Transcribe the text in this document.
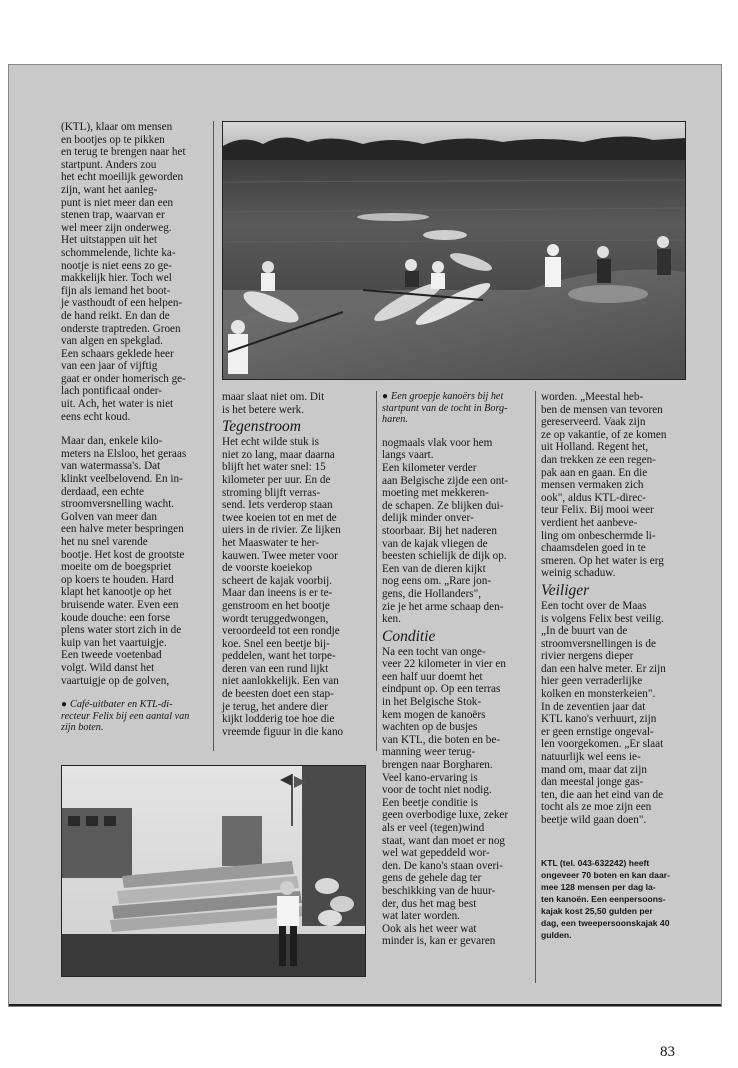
(KTL), klaar om mensen
en bootjes op te pikken
en terug te brengen naar het
startpunt. Anders zou
het echt moeilijk geworden
zijn, want het aanleg-
punt is niet meer dan een
stenen trap, waarvan er
wel meer zijn onderweg.
Het uitstappen uit het
schommelende, lichte ka-
nootje is niet eens zo ge-
makkelijk hier. Toch wel
fijn als iemand het boot-
je vasthoudt of een helpen-
de hand reikt. En dan de
onderste traptreden. Groen
van algen en spekglad.
Een schaars geklede heer
van een jaar of vijftig
gaat er onder homerisch ge-
lach pontificaal onder-
uit. Ach, het water is niet
eens echt koud.

Maar dan, enkele kilo-
meters na Elsloo, het geraas
van watermassa's. Dat
klinkt veelbelovend. En in-
derdaad, een echte
stroomversnelling wacht.
Golven van meer dan
een halve meter bespringen
het nu snel varende
bootje. Het kost de grootste
moeite om de boegspriet
op koers te houden. Hard
klapt het kanootje op het
bruisende water. Even een
koude douche: een forse
plens water stort zich in de
kuip van het vaartuigje.
Een tweede voetenbad
volgt. Wild danst het
vaartuigje op de golven,

● Café-uitbater en KTL-di-
recteur Felix bij een aantal van
zijn boten.

maar slaat niet om. Dit
is het betere werk.

Tegenstroom

Het echt wilde stuk is
niet zo lang, maar daarna
blijft het water snel: 15
kilometer per uur. En de
stroming blijft verras-
send. Iets verderop staan
twee koeien tot en met de
uiers in de rivier. Ze lijken
het Maaswater te her-
kauwen. Twee meter voor
de voorste koeiekop
scheert de kajak voorbij.
Maar dan ineens is er te-
genstroom en het bootje
wordt teruggedwongen,
veroordeeld tot een rondje
koe. Snel een beetje bij-
peddelen, want het torpe-
deren van een rund lijkt
niet aanlokkelijk. Een van
de beesten doet een stap-
je terug, het andere dier
kijkt lodderig toe hoe die
vreemde figuur in die kano

● Een groepje kanoërs bij het
startpunt van de tocht in Borg-
haren.

nogmaals vlak voor hem
langs vaart.
Een kilometer verder
aan Belgische zijde een ont-
moeting met mekkeren-
de schapen. Ze blijken dui-
delijk minder onver-
stoorbaar. Bij het naderen
van de kajak vliegen de
beesten schielijk de dijk op.
Een van de dieren kijkt
nog eens om. „Rare jon-
gens, die Hollanders",
zie je het arme schaap den-
ken.

Conditie

Na een tocht van onge-
veer 22 kilometer in vier en
een half uur doemt het
eindpunt op. Op een terras
in het Belgische Stok-
kem mogen de kanoërs
wachten op de busjes
van KTL, die boten en be-
manning weer terug-
brengen naar Borgharen.
Veel kano-ervaring is
voor de tocht niet nodig.
Een beetje conditie is
geen overbodige luxe, zeker
als er veel (tegen)wind
staat, want dan moet er nog
wel wat gepeddeld wor-
den. De kano's staan overi-
gens de gehele dag ter
beschikking van de huur-
der, dus het mag best
wat later worden.
Ook als het weer wat
minder is, kan er gevaren

worden. „Meestal heb-
ben de mensen van tevoren
gereserveerd. Vaak zijn
ze op vakantie, of ze komen
uit Holland. Regent het,
dan trekken ze een regen-
pak aan en gaan. En die
mensen vermaken zich
ook", aldus KTL-direc-
teur Felix. Bij mooi weer
verdient het aanbeve-
ling om onbeschermde li-
chaamsdelen goed in te
smeren. Op het water is erg
weinig schaduw.

Veiliger

Een tocht over de Maas
is volgens Felix best veilig.
„In de buurt van de
stroomversnellingen is de
rivier nergens dieper
dan een halve meter. Er zijn
hier geen verraderlijke
kolken en monsterkeien".
In de zeventien jaar dat
KTL kano's verhuurt, zijn
er geen ernstige ongeval-
len voorgekomen. „Er slaat
natuurlijk wel eens ie-
mand om, maar dat zijn
dan meestal jonge gas-
ten, die aan het eind van de
tocht als ze moe zijn een
beetje wild gaan doen".

KTL (tel. 043-632242) heeft
ongeveer 70 boten en kan daar-
mee 128 mensen per dag la-
ten kanoën. Een eenpersoons-
kajak kost 25,50 gulden per
dag, een tweepersoonskajak 40
gulden.
83
